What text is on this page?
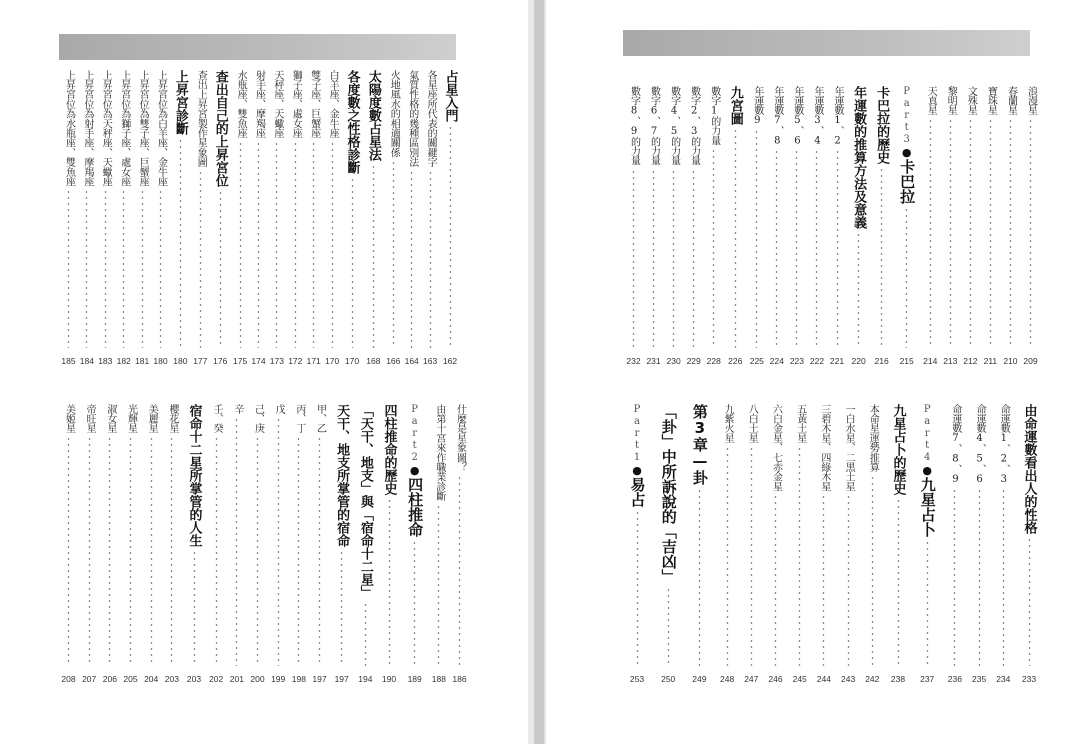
占星入門
162
各星座所代表的關鍵字
163
氣質性格的幾種區別法
164
火地風水的相適關係
166
太陽度數占星法
168
各度數之性格診斷
170
白羊座、金牛座
170
雙子座、巨蟹座
171
獅子座、處女座
172
天秤座、天蠍座
173
射手座、摩羯座
174
水瓶座、雙魚座
175
查出自己的上昇宮位
176
查出上昇宮製作星象圖
177
上昇宮診斷
180
上昇宮位為白羊座、金牛座
180
上昇宮位為雙子座、巨蟹座
181
上昇宮位為獅子座、處女座
182
上昇宮位為天秤座、天蠍座
183
上昇宮位為射手座、摩羯座
184
上昇宮位為水瓶座、雙魚座
185
什麼是星象圖？
186
由第十宮來作職業診斷
188
Part2
●
四柱推命
189
四柱推命的歷史
190
「天干、地支」與「宿命十二星」
194
天干、地支所掌管的宿命
197
甲、乙
197
丙、丁
198
戊
199
己、庚
200
辛
201
壬、癸
202
宿命十二星所掌管的人生
203
櫻花星
203
美麗星
204
光輝星
205
淑女星
206
帝旺星
207
美姬星
208
浪漫星
209
春蘭星
210
寶珠星
211
文殊星
212
黎明星
213
天真星
214
Part3
●
卡巴拉
215
卡巴拉的歷史
216
年運數的推算方法及意義
220
年運數1、2
221
年運數3、4
222
年運數5、6
223
年運數7、8
224
年運數9
225
九宮圖
226
數字1的力量
228
數字2、3的力量
229
數字4、5的力量
230
數字6、7的力量
231
數字8、9的力量
232
由命運數看出人的性格
233
命運數1、2、3
234
命運數4、5、6
235
命運數7、8、9
236
Part4
●
九星占卜
237
九星占卜的歷史
238
本命星運勢推算
242
一白水星、二黑土星
243
三碧木星、四綠木星
244
五黃土星
245
六白金星、七赤金星
246
八白土星
247
九紫火星
248
第3章—卦
249
「卦」中所訴說的「吉凶」
250
Part1
●
易占
253
